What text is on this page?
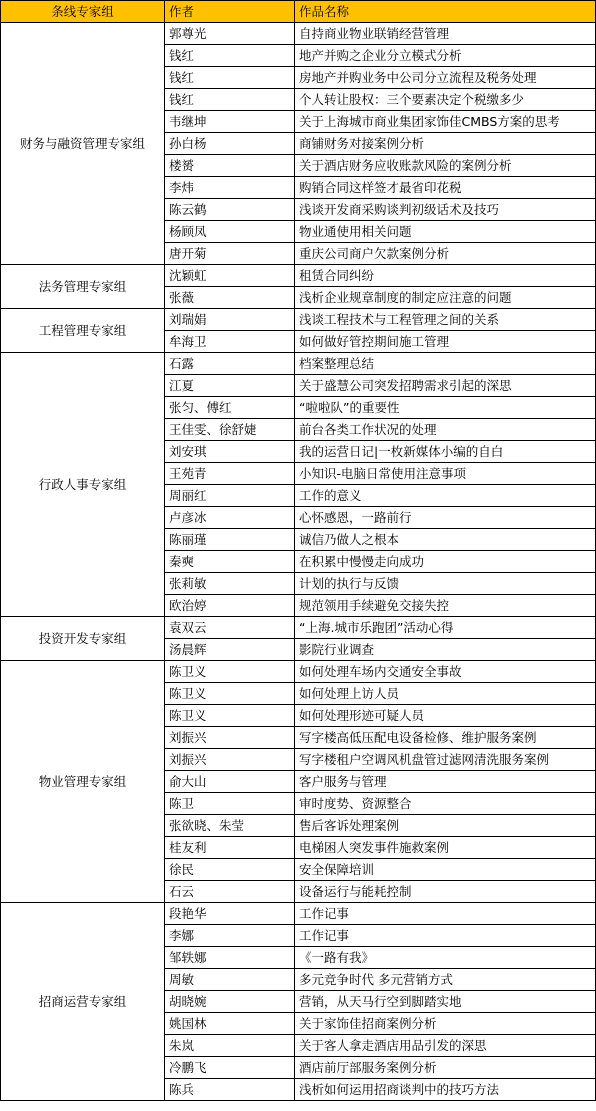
条线专家组	作者	作品名称
财务与融资管理专家组	郭尊光	自持商业物业联销经营管理
	钱红	地产并购之企业分立模式分析
	钱红	房地产并购业务中公司分立流程及税务处理
	钱红	个人转让股权：三个要素决定个税缴多少
	韦继坤	关于上海城市商业集团家饰佳CMBS方案的思考
	孙白杨	商铺财务对接案例分析
	楼赟	关于酒店财务应收账款风险的案例分析
	李炜	购销合同这样签才最省印花税
	陈云鹤	浅谈开发商采购谈判初级话术及技巧
	杨顾凤	物业通使用相关问题
	唐开菊	重庆公司商户欠款案例分析
法务管理专家组	沈颖虹	租赁合同纠纷
	张薇	浅析企业规章制度的制定应注意的问题
工程管理专家组	刘瑞娟	浅谈工程技术与工程管理之间的关系
	牟海卫	如何做好管控期间施工管理
行政人事专家组	石露	档案整理总结
	江夏	关于盛慧公司突发招聘需求引起的深思
	张匀、傅红	“啦啦队”的重要性
	王佳雯、徐舒婕	前台各类工作状况的处理
	刘安琪	我的运营日记|一枚新媒体小编的自白
	王苑青	小知识-电脑日常使用注意事项
	周丽红	工作的意义
	卢彦冰	心怀感恩，一路前行
	陈丽瑾	诚信乃做人之根本
	秦奭	在积累中慢慢走向成功
	张莉敏	计划的执行与反馈
	欧治婷	规范领用手续避免交接失控
投资开发专家组	袁双云	“上海.城市乐跑团”活动心得
	汤晨辉	影院行业调查
物业管理专家组	陈卫义	如何处理车场内交通安全事故
	陈卫义	如何处理上访人员
	陈卫义	如何处理形迹可疑人员
	刘振兴	写字楼高低压配电设备检修、维护服务案例
	刘振兴	写字楼租户空调风机盘管过滤网清洗服务案例
	俞大山	客户服务与管理
	陈卫	审时度势、资源整合
	张欲晓、朱莹	售后客诉处理案例
	桂友利	电梯困人突发事件施救案例
	徐民	安全保障培训
	石云	设备运行与能耗控制
招商运营专家组	段艳华	工作记事
	李娜	工作记事
	邹轶娜	《一路有我》
	周敏	多元竞争时代 多元营销方式
	胡晓婉	营销，从天马行空到脚踏实地
	姚国林	关于家饰佳招商案例分析
	朱岚	关于客人拿走酒店用品引发的深思
	冷鹏飞	酒店前厅部服务案例分析
	陈兵	浅析如何运用招商谈判中的技巧方法
